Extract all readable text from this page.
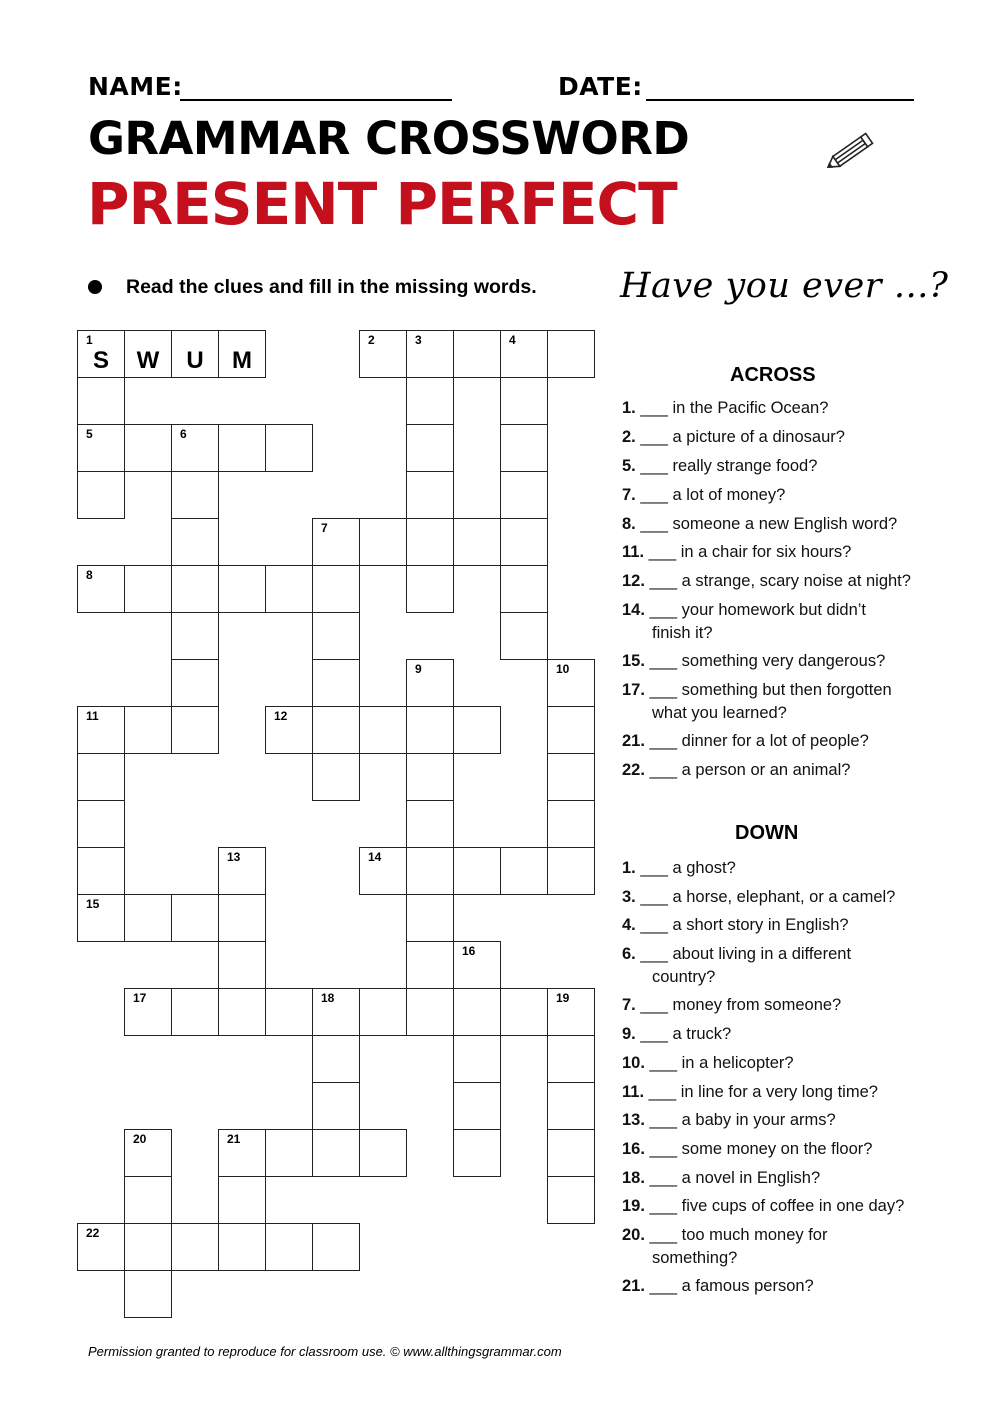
NAME:	DATE:
GRAMMAR CROSSWORD
PRESENT PERFECT
Read the clues and fill in the missing words. Have you ever …?
1
S	W	U	M
2	3	4
5	6
7
8
9	10
11	12
13	14
15
16
17	18	19
20	21
22
ACROSS
1. ___ in the Pacific Ocean?
2. ___ a picture of a dinosaur?
5. ___ really strange food?
7. ___ a lot of money?
8. ___ someone a new English word?
11. ___ in a chair for six hours?
12. ___ a strange, scary noise at night?
14. ___ your homework but didn’t
finish it?
15. ___ something very dangerous?
17. ___ something but then forgotten
what you learned?
21. ___ dinner for a lot of people?
22. ___ a person or an animal?
DOWN
1. ___ a ghost?
3. ___ a horse, elephant, or a camel?
4. ___ a short story in English?
6. ___ about living in a different
country?
7. ___ money from someone?
9. ___ a truck?
10. ___ in a helicopter?
11. ___ in line for a very long time?
13. ___ a baby in your arms?
16. ___ some money on the floor?
18. ___ a novel in English?
19. ___ five cups of coffee in one day?
20. ___ too much money for
something?
21. ___ a famous person?
Permission granted to reproduce for classroom use. © www.allthingsgrammar.com
